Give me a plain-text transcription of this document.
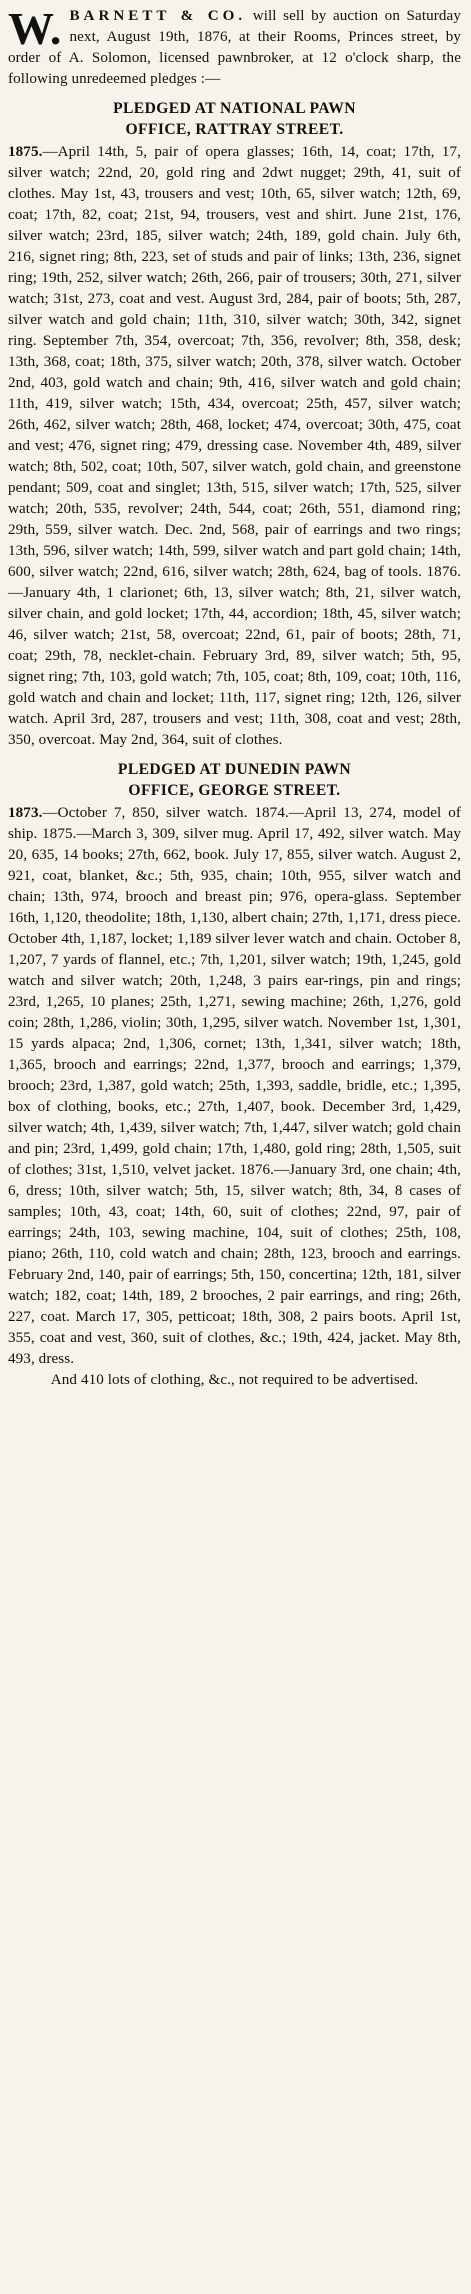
W. BARNETT & CO. will sell by auction on Saturday next, August 19th, 1876, at their Rooms, Princes street, by order of A. Solomon, licensed pawnbroker, at 12 o'clock sharp, the following unredeemed pledges :—

PLEDGED AT NATIONAL PAWN
OFFICE, RATTRAY STREET.

1875.—April 14th, 5, pair of opera glasses; 16th, 14, coat; 17th, 17, silver watch; 22nd, 20, gold ring and 2dwt nugget; 29th, 41, suit of clothes. May 1st, 43, trousers and vest; 10th, 65, silver watch; 12th, 69, coat; 17th, 82, coat; 21st, 94, trousers, vest and shirt. June 21st, 176, silver watch; 23rd, 185, silver watch; 24th, 189, gold chain. July 6th, 216, signet ring; 8th, 223, set of studs and pair of links; 13th, 236, signet ring; 19th, 252, silver watch; 26th, 266, pair of trousers; 30th, 271, silver watch; 31st, 273, coat and vest. August 3rd, 284, pair of boots; 5th, 287, silver watch and gold chain; 11th, 310, silver watch; 30th, 342, signet ring. September 7th, 354, overcoat; 7th, 356, revolver; 8th, 358, desk; 13th, 368, coat; 18th, 375, silver watch; 20th, 378, silver watch. October 2nd, 403, gold watch and chain; 9th, 416, silver watch and gold chain; 11th, 419, silver watch; 15th, 434, overcoat; 25th, 457, silver watch; 26th, 462, silver watch; 28th, 468, locket; 474, overcoat; 30th, 475, coat and vest; 476, signet ring; 479, dressing case. November 4th, 489, silver watch; 8th, 502, coat; 10th, 507, silver watch, gold chain, and greenstone pendant; 509, coat and singlet; 13th, 515, silver watch; 17th, 525, silver watch; 20th, 535, revolver; 24th, 544, coat; 26th, 551, diamond ring; 29th, 559, silver watch. Dec. 2nd, 568, pair of earrings and two rings; 13th, 596, silver watch; 14th, 599, silver watch and part gold chain; 14th, 600, silver watch; 22nd, 616, silver watch; 28th, 624, bag of tools. 1876.—January 4th, 1 clarionet; 6th, 13, silver watch; 8th, 21, silver watch, silver chain, and gold locket; 17th, 44, accordion; 18th, 45, silver watch; 46, silver watch; 21st, 58, overcoat; 22nd, 61, pair of boots; 28th, 71, coat; 29th, 78, necklet-chain. February 3rd, 89, silver watch; 5th, 95, signet ring; 7th, 103, gold watch; 7th, 105, coat; 8th, 109, coat; 10th, 116, gold watch and chain and locket; 11th, 117, signet ring; 12th, 126, silver watch. April 3rd, 287, trousers and vest; 11th, 308, coat and vest; 28th, 350, overcoat. May 2nd, 364, suit of clothes.

PLEDGED AT DUNEDIN PAWN
OFFICE, GEORGE STREET.

1873.—October 7, 850, silver watch. 1874.—April 13, 274, model of ship. 1875.—March 3, 309, silver mug. April 17, 492, silver watch. May 20, 635, 14 books; 27th, 662, book. July 17, 855, silver watch. August 2, 921, coat, blanket, &c.; 5th, 935, chain; 10th, 955, silver watch and chain; 13th, 974, brooch and breast pin; 976, opera-glass. September 16th, 1,120, theodolite; 18th, 1,130, albert chain; 27th, 1,171, dress piece. October 4th, 1,187, locket; 1,189 silver lever watch and chain. October 8, 1,207, 7 yards of flannel, etc.; 7th, 1,201, silver watch; 19th, 1,245, gold watch and silver watch; 20th, 1,248, 3 pairs ear-rings, pin and rings; 23rd, 1,265, 10 planes; 25th, 1,271, sewing machine; 26th, 1,276, gold coin; 28th, 1,286, violin; 30th, 1,295, silver watch. November 1st, 1,301, 15 yards alpaca; 2nd, 1,306, cornet; 13th, 1,341, silver watch; 18th, 1,365, brooch and earrings; 22nd, 1,377, brooch and earrings; 1,379, brooch; 23rd, 1,387, gold watch; 25th, 1,393, saddle, bridle, etc.; 1,395, box of clothing, books, etc.; 27th, 1,407, book. December 3rd, 1,429, silver watch; 4th, 1,439, silver watch; 7th, 1,447, silver watch; gold chain and pin; 23rd, 1,499, gold chain; 17th, 1,480, gold ring; 28th, 1,505, suit of clothes; 31st, 1,510, velvet jacket. 1876.—January 3rd, one chain; 4th, 6, dress; 10th, silver watch; 5th, 15, silver watch; 8th, 34, 8 cases of samples; 10th, 43, coat; 14th, 60, suit of clothes; 22nd, 97, pair of earrings; 24th, 103, sewing machine, 104, suit of clothes; 25th, 108, piano; 26th, 110, cold watch and chain; 28th, 123, brooch and earrings. February 2nd, 140, pair of earrings; 5th, 150, concertina; 12th, 181, silver watch; 182, coat; 14th, 189, 2 brooches, 2 pair earrings, and ring; 26th, 227, coat. March 17, 305, petticoat; 18th, 308, 2 pairs boots. April 1st, 355, coat and vest, 360, suit of clothes, &c.; 19th, 424, jacket. May 8th, 493, dress.

And 410 lots of clothing, &c., not required to be advertised.
